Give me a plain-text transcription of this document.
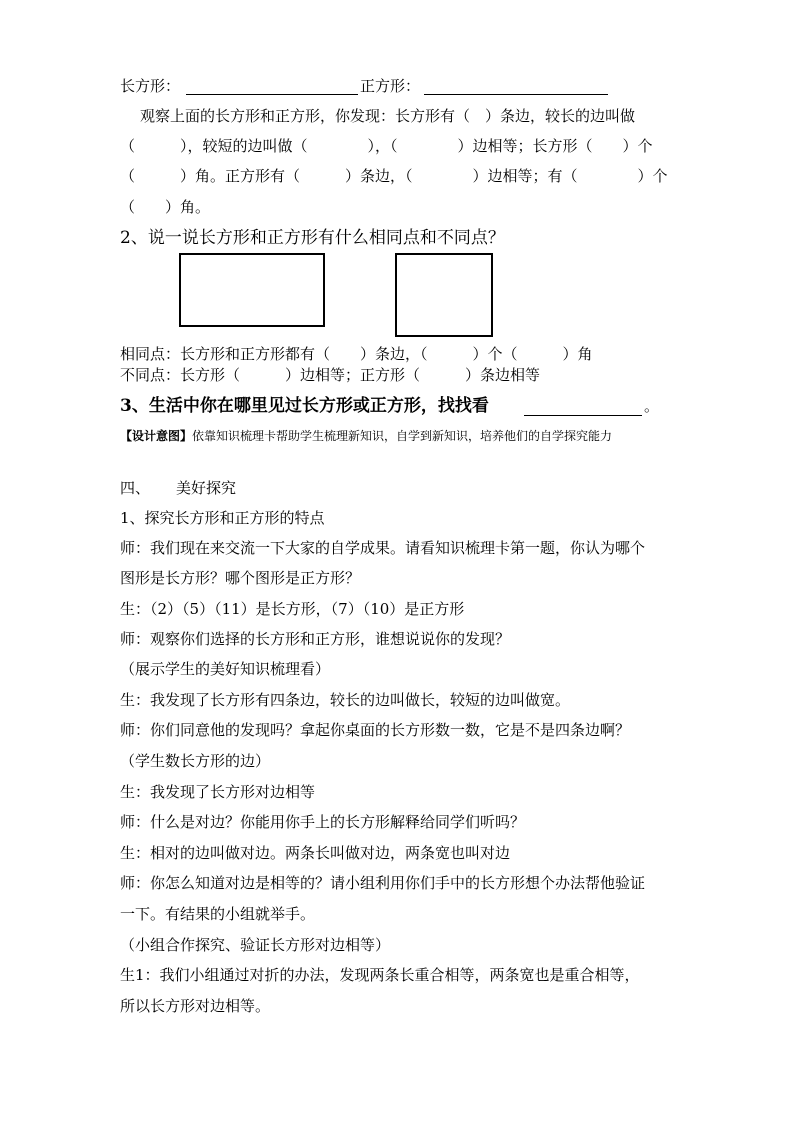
长方形：	正方形：
观察上面的长方形和正方形，你发现：长方形有（　）条边，较长的边叫做
（　　　），较短的边叫做（　　　　），（　　　　）边相等；长方形（　　）个
（　　　）角。正方形有（　　　）条边，（　　　　）边相等；有（　　　　）个
（　　）角。
2、说一说长方形和正方形有什么相同点和不同点？
相同点：长方形和正方形都有（　　）条边，（　　　）个（　　　）角
不同点：长方形（　　　）边相等；正方形（　　　）条边相等
3、生活中你在哪里见过长方形或正方形，找找看	。
【设计意图】依靠知识梳理卡帮助学生梳理新知识，自学到新知识，培养他们的自学探究能力
四、 美好探究
1、探究长方形和正方形的特点
师：我们现在来交流一下大家的自学成果。请看知识梳理卡第一题，你认为哪个
图形是长方形？哪个图形是正方形？
生：（2）（5）（11）是长方形，（7）（10）是正方形
师：观察你们选择的长方形和正方形，谁想说说你的发现？
（展示学生的美好知识梳理看）
生：我发现了长方形有四条边，较长的边叫做长，较短的边叫做宽。
师：你们同意他的发现吗？拿起你桌面的长方形数一数，它是不是四条边啊？
（学生数长方形的边）
生：我发现了长方形对边相等
师：什么是对边？你能用你手上的长方形解释给同学们听吗？
生：相对的边叫做对边。两条长叫做对边，两条宽也叫对边
师：你怎么知道对边是相等的？请小组利用你们手中的长方形想个办法帮他验证
一下。有结果的小组就举手。
（小组合作探究、验证长方形对边相等）
生1：我们小组通过对折的办法，发现两条长重合相等，两条宽也是重合相等，
所以长方形对边相等。
